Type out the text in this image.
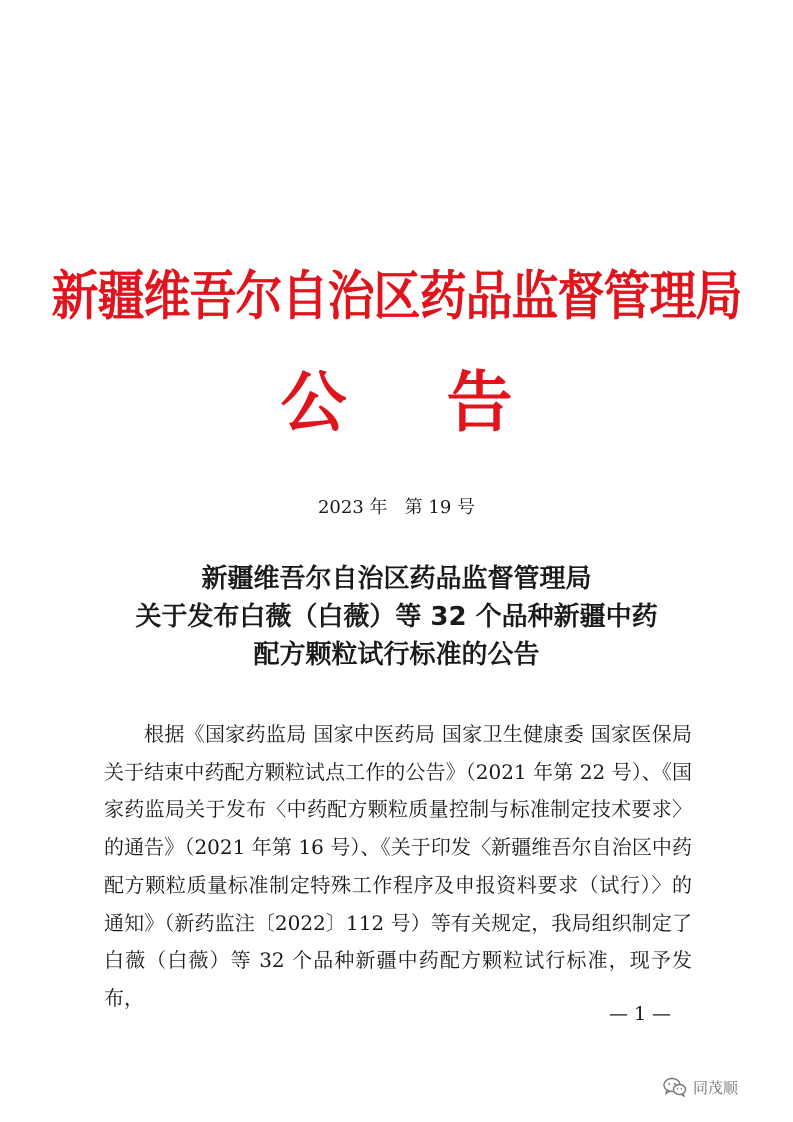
新疆维吾尔自治区药品监督管理局
公告
2023 年   第 19 号
新疆维吾尔自治区药品监督管理局
关于发布白薇（白薇）等 32 个品种新疆中药
配方颗粒试行标准的公告

根据《国家药监局 国家中医药局 国家卫生健康委 国家医保局关于结束中药配方颗粒试点工作的公告》（2021 年第 22 号）、《国家药监局关于发布〈中药配方颗粒质量控制与标准制定技术要求〉的通告》（2021 年第 16 号）、《关于印发〈新疆维吾尔自治区中药配方颗粒质量标准制定特殊工作程序及申报资料要求（试行）〉的通知》（新药监注〔2022〕112 号）等有关规定，我局组织制定了白薇（白薇）等 32 个品种新疆中药配方颗粒试行标准，现予发布，

— 1 —
同茂顺
